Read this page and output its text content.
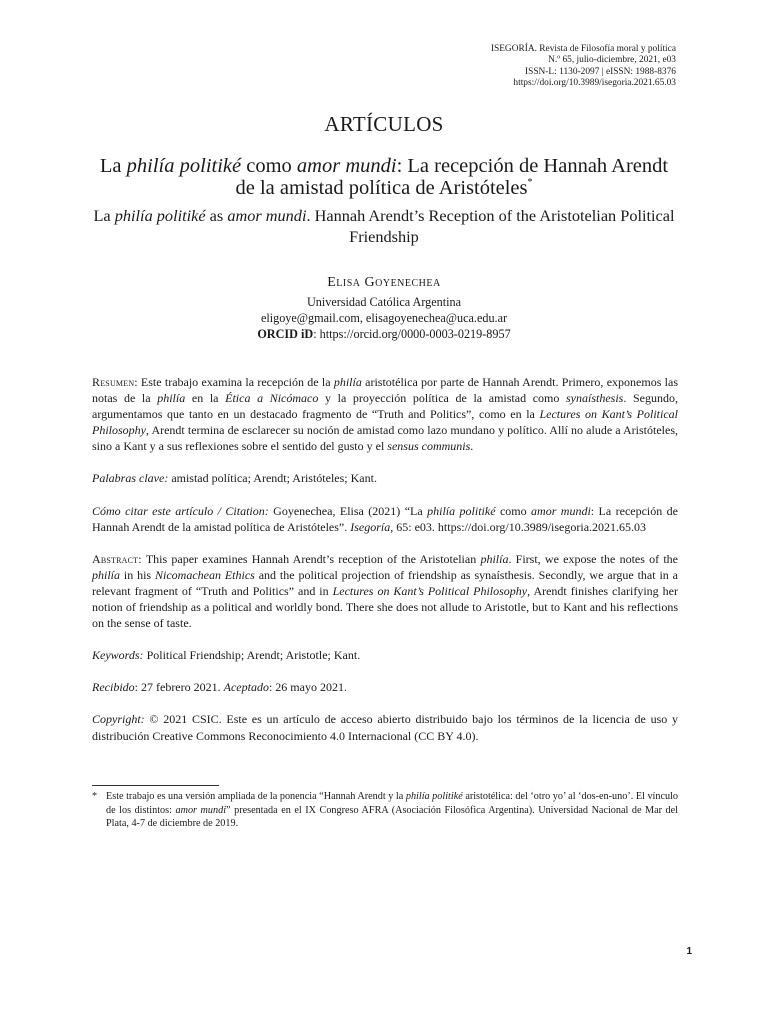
ISEGORÍA. Revista de Filosofía moral y política
N.º 65, julio-diciembre, 2021, e03
ISSN-L: 1130-2097 | eISSN: 1988-8376
https://doi.org/10.3989/isegoria.2021.65.03
ARTÍCULOS
La philía politiké como amor mundi: La recepción de Hannah Arendt de la amistad política de Aristóteles*
La philía politiké as amor mundi. Hannah Arendt’s Reception of the Aristotelian Political Friendship
Elisa Goyenechea
Universidad Católica Argentina
eligoye@gmail.com, elisagoyenechea@uca.edu.ar
ORCID iD: https://orcid.org/0000-0003-0219-8957

Resumen: Este trabajo examina la recepción de la philía aristotélica por parte de Hannah Arendt. Primero, exponemos las notas de la philía en la Ética a Nicómaco y la proyección política de la amistad como synaísthesis. Segundo, argumentamos que tanto en un destacado fragmento de “Truth and Politics”, como en la Lectures on Kant’s Political Philosophy, Arendt termina de esclarecer su noción de amistad como lazo mundano y político. Allí no alude a Aristóteles, sino a Kant y a sus reflexiones sobre el sentido del gusto y el sensus communis.

Palabras clave: amistad política; Arendt; Aristóteles; Kant.

Cómo citar este artículo / Citation: Goyenechea, Elisa (2021) “La philía politiké como amor mundi: La recepción de Hannah Arendt de la amistad política de Aristóteles”. Isegoría, 65: e03. https://doi.org/10.3989/isegoria.2021.65.03

Abstract: This paper examines Hannah Arendt’s reception of the Aristotelian philía. First, we expose the notes of the philía in his Nicomachean Ethics and the political projection of friendship as synaísthesis. Secondly, we argue that in a relevant fragment of “Truth and Politics” and in Lectures on Kant’s Political Philosophy, Arendt finishes clarifying her notion of friendship as a political and worldly bond. There she does not allude to Aristotle, but to Kant and his reflections on the sense of taste.

Keywords: Political Friendship; Arendt; Aristotle; Kant.

Recibido: 27 febrero 2021. Aceptado: 26 mayo 2021.

Copyright: © 2021 CSIC. Este es un artículo de acceso abierto distribuido bajo los términos de la licencia de uso y distribución Creative Commons Reconocimiento 4.0 Internacional (CC BY 4.0).

* Este trabajo es una versión ampliada de la ponencia “Hannah Arendt y la philía politiké aristotélica: del ‘otro yo’ al ‘dos-en-uno’. El vínculo de los distintos: amor mundi” presentada en el IX Congreso AFRA (Asociación Filosófica Argentina). Universidad Nacional de Mar del Plata, 4-7 de diciembre de 2019.
1
